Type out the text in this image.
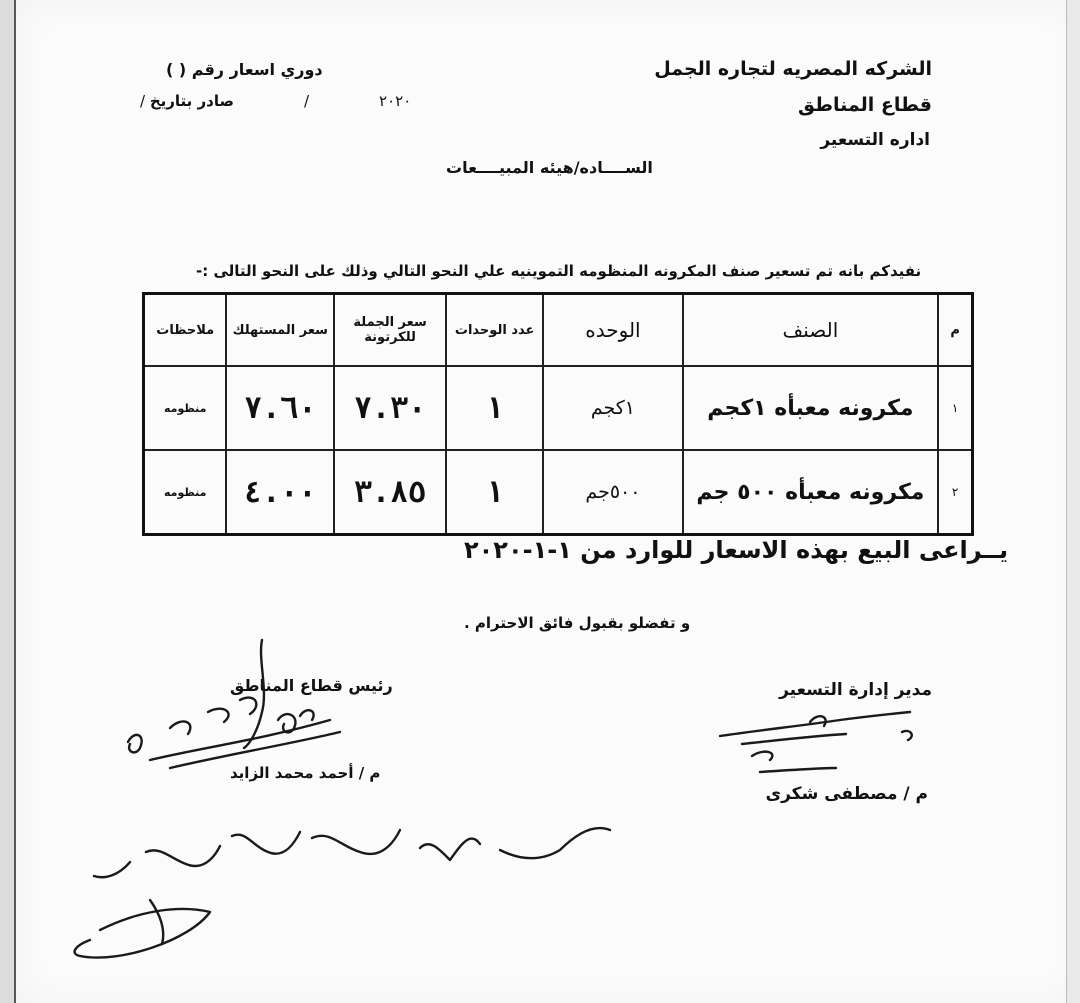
الشركه المصريه لتجاره الجمل
قطاع المناطق
اداره التسعير
دوري اسعار رقم ( )
/ ٢٠٢٠/صادر بتاريخ
الســــاده/هيئه المبيــــعات
نفيدكم بانه تم تسعير صنف المكرونه المنظومه التموينيه علي النحو التالي وذلك على النحو التالى :-
م	الصنف	الوحده	عدد الوحدات	سعر الجملة للكرتونة	سعر المستهلك	ملاحظات
١	مكرونه معبأه ١كجم	١كجم	١	٧.٣٠	٧.٦٠	منظومه
٢	مكرونه معبأه ٥٠٠ جم	٥٠٠جم	١	٣.٨٥	٤.٠٠	منظومه
يــراعى البيع بهذه الاسعار للوارد من ١-١-٢٠٢٠
و تفضلو بقبول فائق الاحترام .
رئيس قطاع المناطق
م / أحمد محمد الزايد
مدير إدارة التسعير
م / مصطفى شكرى
